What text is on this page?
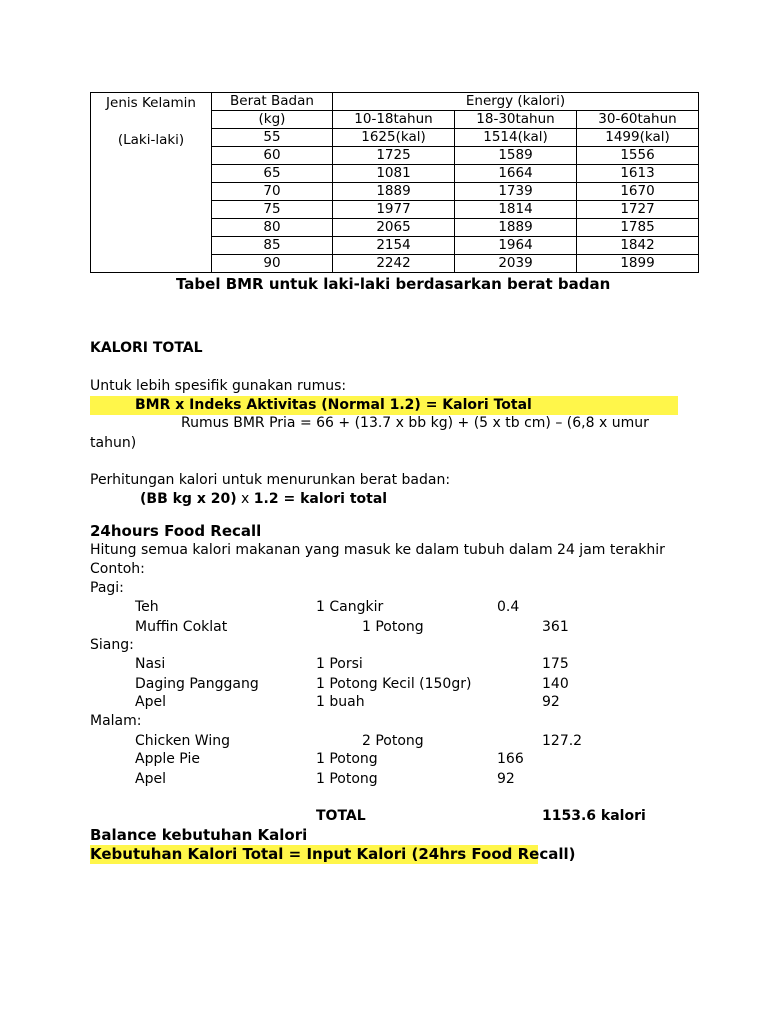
Jenis Kelamin
(Laki-laki)	Berat Badan	Energy (kalori)		
	(kg)	10-18tahun	18-30tahun	30-60tahun
	55	1625(kal)	1514(kal)	1499(kal)
	60	1725	1589	1556
	65	1081	1664	1613
	70	1889	1739	1670
	75	1977	1814	1727
	80	2065	1889	1785
	85	2154	1964	1842
	90	2242	2039	1899
Tabel BMR untuk laki-laki berdasarkan berat badan
KALORI TOTAL
Untuk lebih spesifik gunakan rumus:
BMR x Indeks Aktivitas (Normal 1.2) = Kalori Total
Rumus BMR Pria = 66 + (13.7 x bb kg) + (5 x tb cm) – (6,8 x umur
tahun)
Perhitungan kalori untuk menurunkan berat badan:
(BB kg x 20) x 1.2 = kalori total
24hours Food Recall
Hitung semua kalori makanan yang masuk ke dalam tubuh dalam 24 jam terakhir
Contoh:
Pagi:
Teh	1 Cangkir	0.4
Muffin Coklat	1 Potong	361
Siang:
Nasi	1 Porsi	175
Daging Panggang	1 Potong Kecil (150gr)	140
Apel	1 buah	92
Malam:
Chicken Wing	2 Potong	127.2
Apple Pie	1 Potong	166
Apel	1 Potong	92
TOTAL	1153.6 kalori
Balance kebutuhan Kalori
Kebutuhan Kalori Total = Input Kalori (24hrs Food Recall)
